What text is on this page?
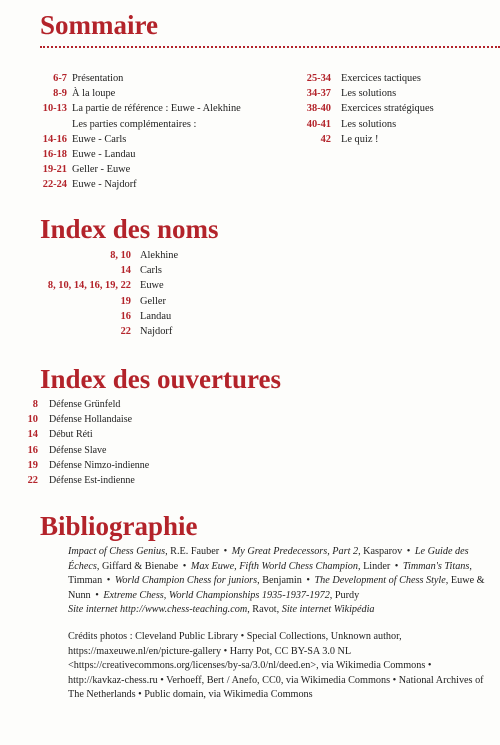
Sommaire
6-7 Présentation
8-9 À la loupe
10-13 La partie de référence : Euwe - Alekhine
Les parties complémentaires :
14-16 Euwe - Carls
16-18 Euwe - Landau
19-21 Geller - Euwe
22-24 Euwe - Najdorf
25-34 Exercices tactiques
34-37 Les solutions
38-40 Exercices stratégiques
40-41 Les solutions
42 Le quiz !
Index des noms
8, 10 Alekhine
14 Carls
8, 10, 14, 16, 19, 22 Euwe
19 Geller
16 Landau
22 Najdorf
Index des ouvertures
8 Défense Grünfeld
10 Défense Hollandaise
14 Début Réti
16 Défense Slave
19 Défense Nimzo-indienne
22 Défense Est-indienne
Bibliographie

Impact of Chess Genius, R.E. Fauber • My Great Predecessors, Part 2, Kasparov • Le Guide des Échecs, Giffard & Bienabe • Max Euwe, Fifth World Chess Champion, Linder • Timman's Titans, Timman • World Champion Chess for juniors, Benjamin • The Development of Chess Style, Euwe & Nunn • Extreme Chess, World Championships 1935-1937-1972, Purdy
Site internet http://www.chess-teaching.com, Ravot, Site internet Wikipédia

Crédits photos : Cleveland Public Library • Special Collections, Unknown author, https://maxeuwe.nl/en/picture-gallery • Harry Pot, CC BY-SA 3.0 NL <https://creativecommons.org/licenses/by-sa/3.0/nl/deed.en>, via Wikimedia Commons • http://kavkaz-chess.ru • Verhoeff, Bert / Anefo, CC0, via Wikimedia Commons • National Archives of The Netherlands • Public domain, via Wikimedia Commons
